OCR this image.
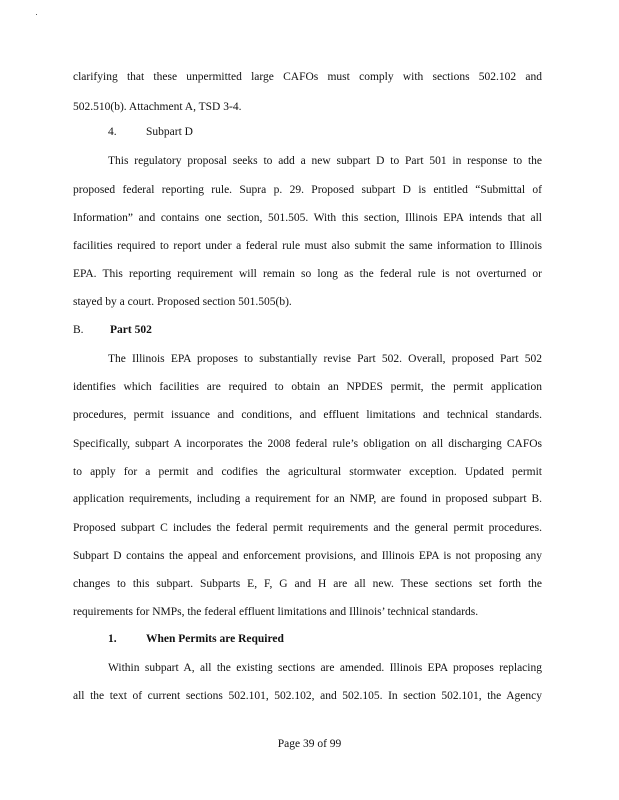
clarifying that these unpermitted large CAFOs must comply with sections 502.102 and
502.510(b). Attachment A, TSD 3-4.
4.	Subpart D
This regulatory proposal seeks to add a new subpart D to Part 501 in response to the
proposed federal reporting rule. Supra p. 29. Proposed subpart D is entitled “Submittal of
Information” and contains one section, 501.505. With this section, Illinois EPA intends that all
facilities required to report under a federal rule must also submit the same information to Illinois
EPA. This reporting requirement will remain so long as the federal rule is not overturned or
stayed by a court. Proposed section 501.505(b).
B. Part 502
The Illinois EPA proposes to substantially revise Part 502. Overall, proposed Part 502
identifies which facilities are required to obtain an NPDES permit, the permit application
procedures, permit issuance and conditions, and effluent limitations and technical standards.
Specifically, subpart A incorporates the 2008 federal rule’s obligation on all discharging CAFOs
to apply for a permit and codifies the agricultural stormwater exception. Updated permit
application requirements, including a requirement for an NMP, are found in proposed subpart B.
Proposed subpart C includes the federal permit requirements and the general permit procedures.
Subpart D contains the appeal and enforcement provisions, and Illinois EPA is not proposing any
changes to this subpart. Subparts E, F, G and H are all new. These sections set forth the
requirements for NMPs, the federal effluent limitations and Illinois’ technical standards.
1.	When Permits are Required
Within subpart A, all the existing sections are amended. Illinois EPA proposes replacing
all the text of current sections 502.101, 502.102, and 502.105. In section 502.101, the Agency
Page 39 of 99
